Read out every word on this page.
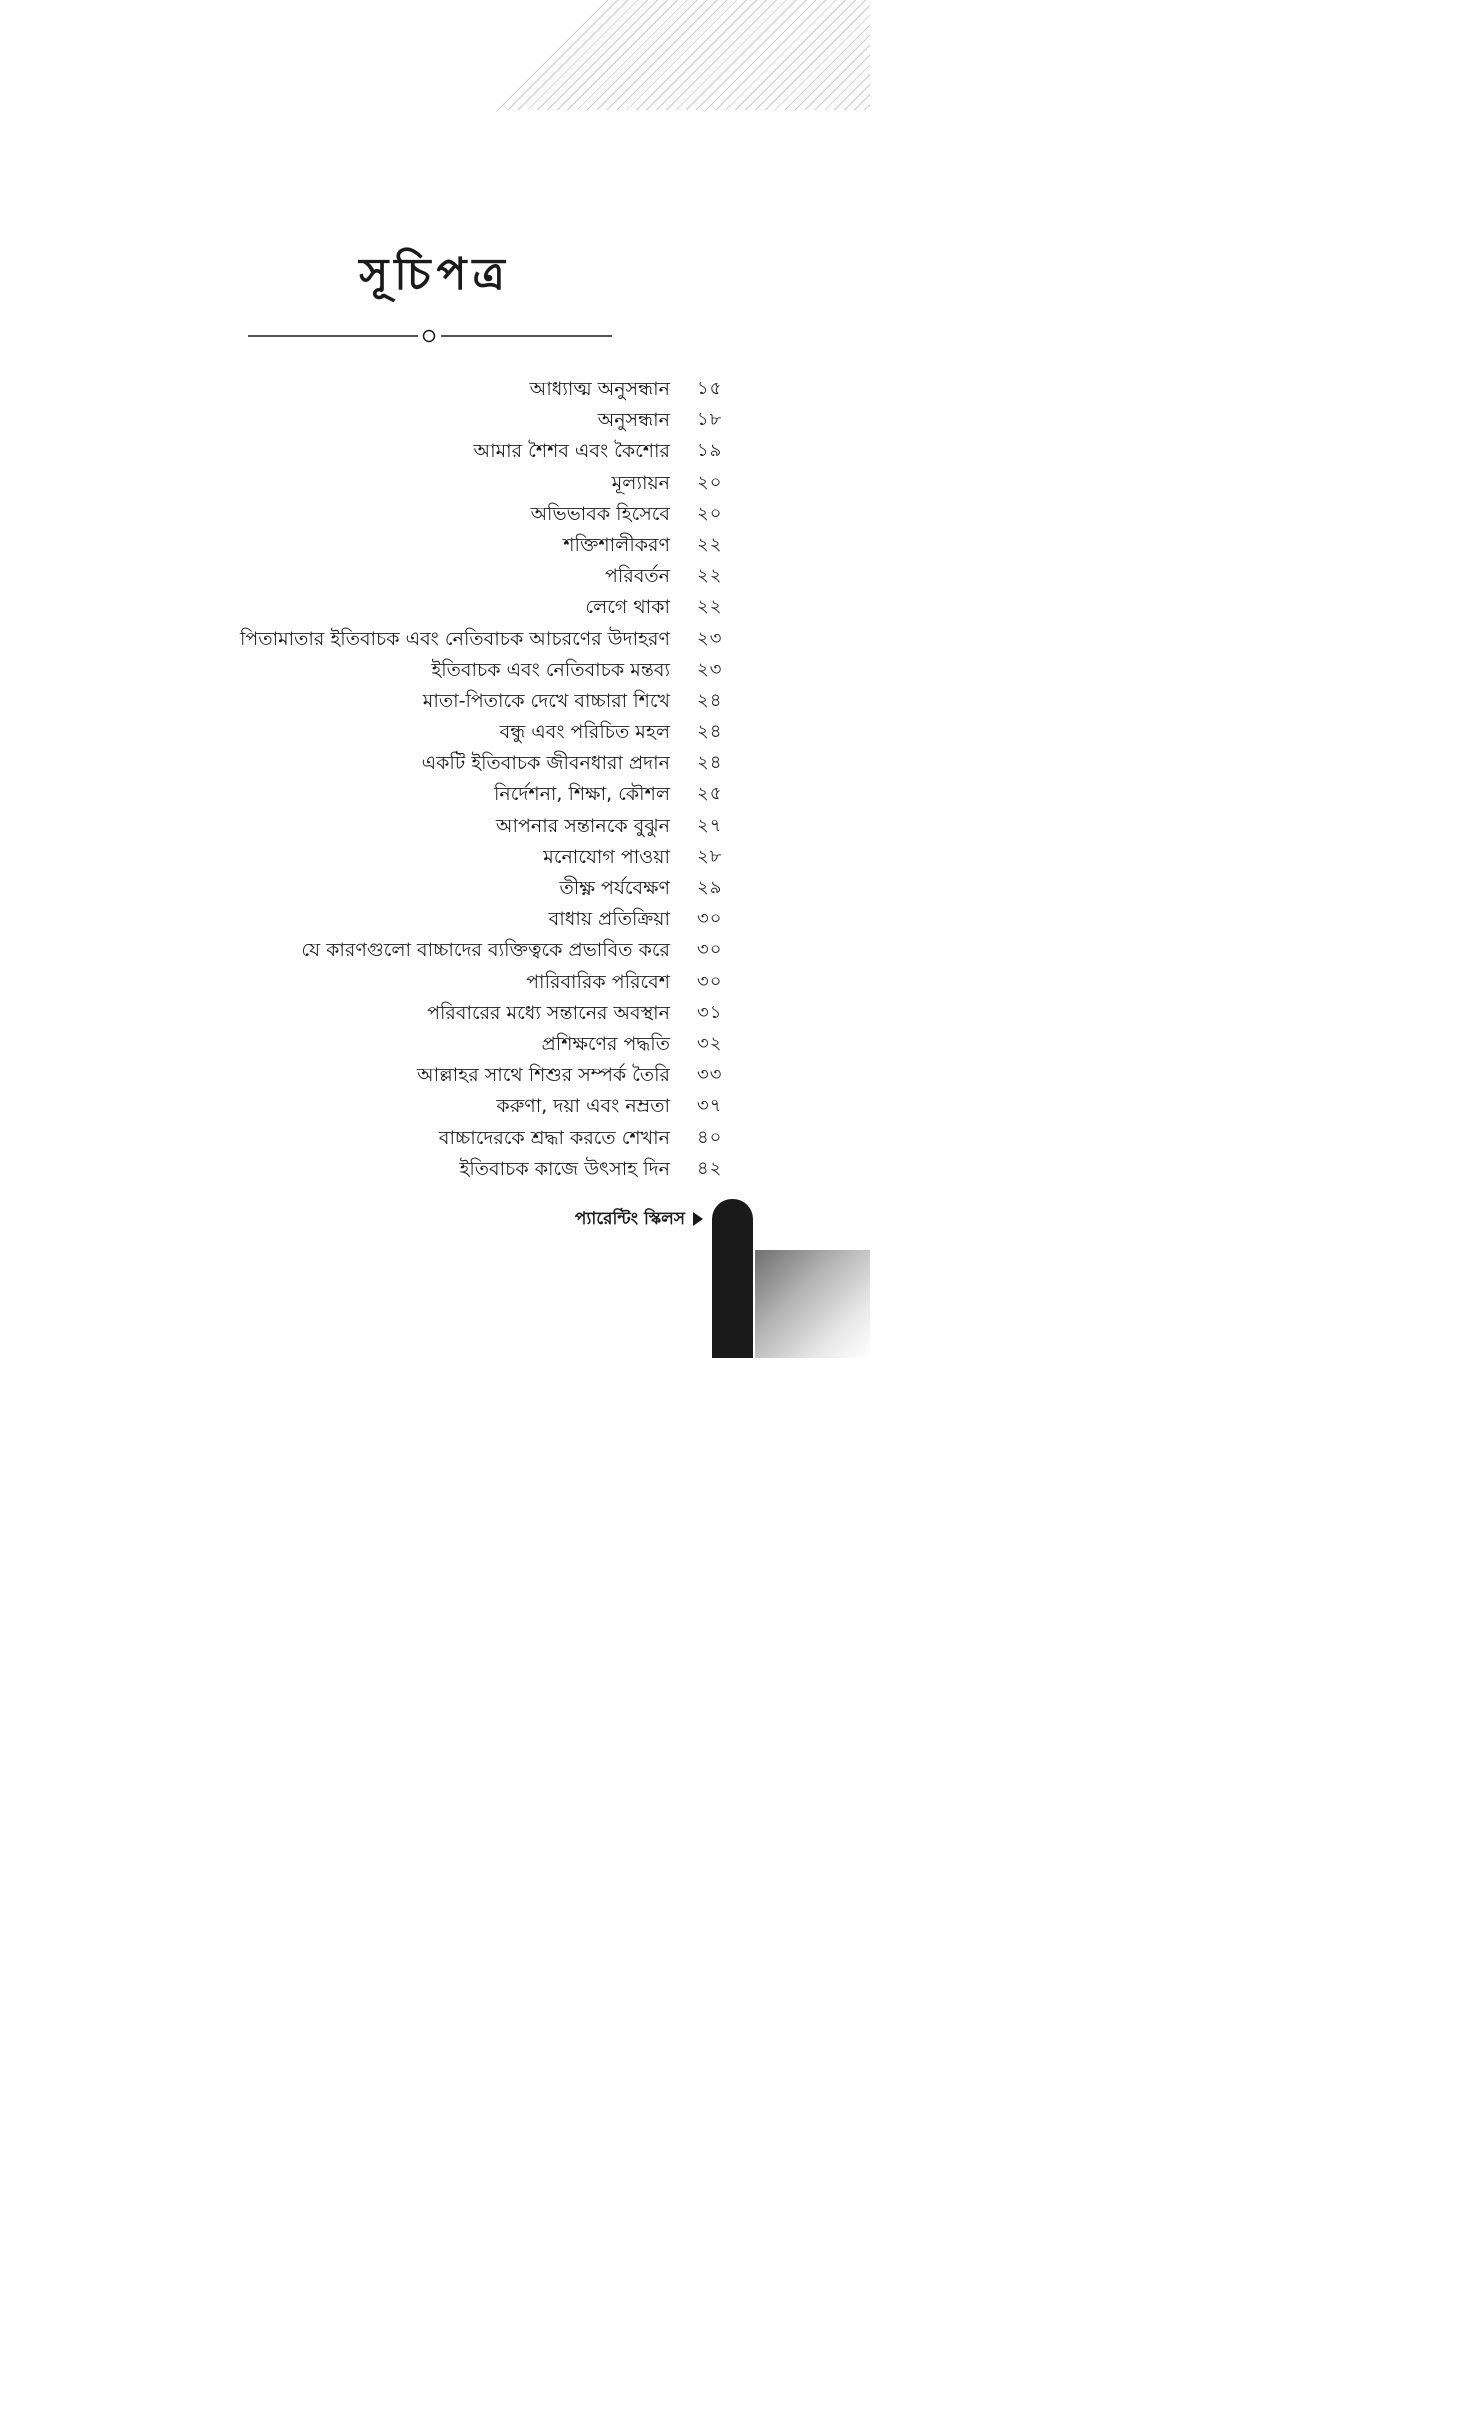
সূচিপত্র
আধ্যাত্ম অনুসন্ধান ১৫
অনুসন্ধান ১৮
আমার শৈশব এবং কৈশোর ১৯
মূল্যায়ন ২০
অভিভাবক হিসেবে ২০
শক্তিশালীকরণ ২২
পরিবর্তন ২২
লেগে থাকা ২২
পিতামাতার ইতিবাচক এবং নেতিবাচক আচরণের উদাহরণ ২৩
ইতিবাচক এবং নেতিবাচক মন্তব্য ২৩
মাতা-পিতাকে দেখে বাচ্চারা শিখে ২৪
বন্ধু এবং পরিচিত মহল ২৪
একটি ইতিবাচক জীবনধারা প্রদান ২৪
নির্দেশনা, শিক্ষা, কৌশল ২৫
আপনার সন্তানকে বুঝুন ২৭
মনোযোগ পাওয়া ২৮
তীক্ষ্ণ পর্যবেক্ষণ ২৯
বাধায় প্রতিক্রিয়া ৩০
যে কারণগুলো বাচ্চাদের ব্যক্তিত্বকে প্রভাবিত করে ৩০
পারিবারিক পরিবেশ ৩০
পরিবারের মধ্যে সন্তানের অবস্থান ৩১
প্রশিক্ষণের পদ্ধতি ৩২
আল্লাহর সাথে শিশুর সম্পর্ক তৈরি ৩৩
করুণা, দয়া এবং নম্রতা ৩৭
বাচ্চাদেরকে শ্রদ্ধা করতে শেখান ৪০
ইতিবাচক কাজে উৎসাহ দিন ৪২
প্যারেন্টিং স্কিলস
১১
